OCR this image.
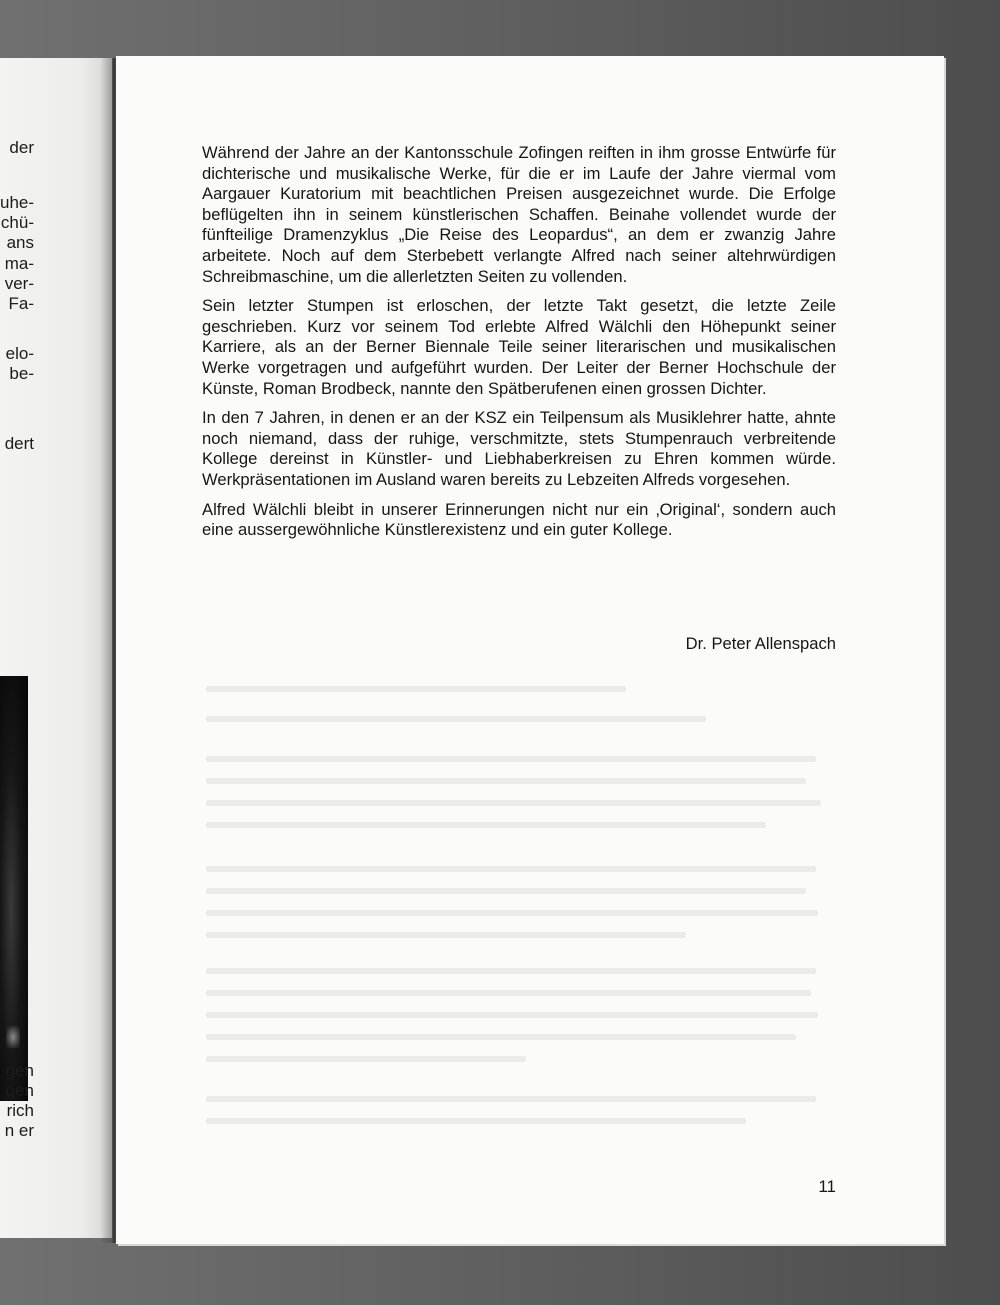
der
uhe-
chü-
ans
ma-
ver-
Fa-
elo-
be-
dert
gen
gen
rich
n er

Während der Jahre an der Kantonsschule Zofingen reiften in ihm grosse Entwürfe für dichterische und musikalische Werke, für die er im Laufe der Jahre viermal vom Aargauer Kuratorium mit beachtlichen Preisen ausgezeichnet wurde. Die Erfolge beflügelten ihn in seinem künstlerischen Schaffen. Beinahe vollendet wurde der fünfteilige Dramenzyklus „Die Reise des Leopardus“, an dem er zwanzig Jahre arbeitete. Noch auf dem Sterbebett verlangte Alfred nach seiner altehrwürdigen Schreibmaschine, um die allerletzten Seiten zu vollenden.

Sein letzter Stumpen ist erloschen, der letzte Takt gesetzt, die letzte Zeile geschrieben. Kurz vor seinem Tod erlebte Alfred Wälchli den Höhepunkt seiner Karriere, als an der Berner Biennale Teile seiner literarischen und musikalischen Werke vorgetragen und aufgeführt wurden. Der Leiter der Berner Hochschule der Künste, Roman Brodbeck, nannte den Spätberufenen einen grossen Dichter.

In den 7 Jahren, in denen er an der KSZ ein Teilpensum als Musiklehrer hatte, ahnte noch niemand, dass der ruhige, verschmitzte, stets Stumpenrauch verbreitende Kollege dereinst in Künstler- und Liebhaberkreisen zu Ehren kommen würde. Werkpräsentationen im Ausland waren bereits zu Lebzeiten Alfreds vorgesehen.

Alfred Wälchli bleibt in unserer Erinnerungen nicht nur ein ‚Original‘, sondern auch eine aussergewöhnliche Künstlerexistenz und ein guter Kollege.

Dr. Peter Allenspach
11
